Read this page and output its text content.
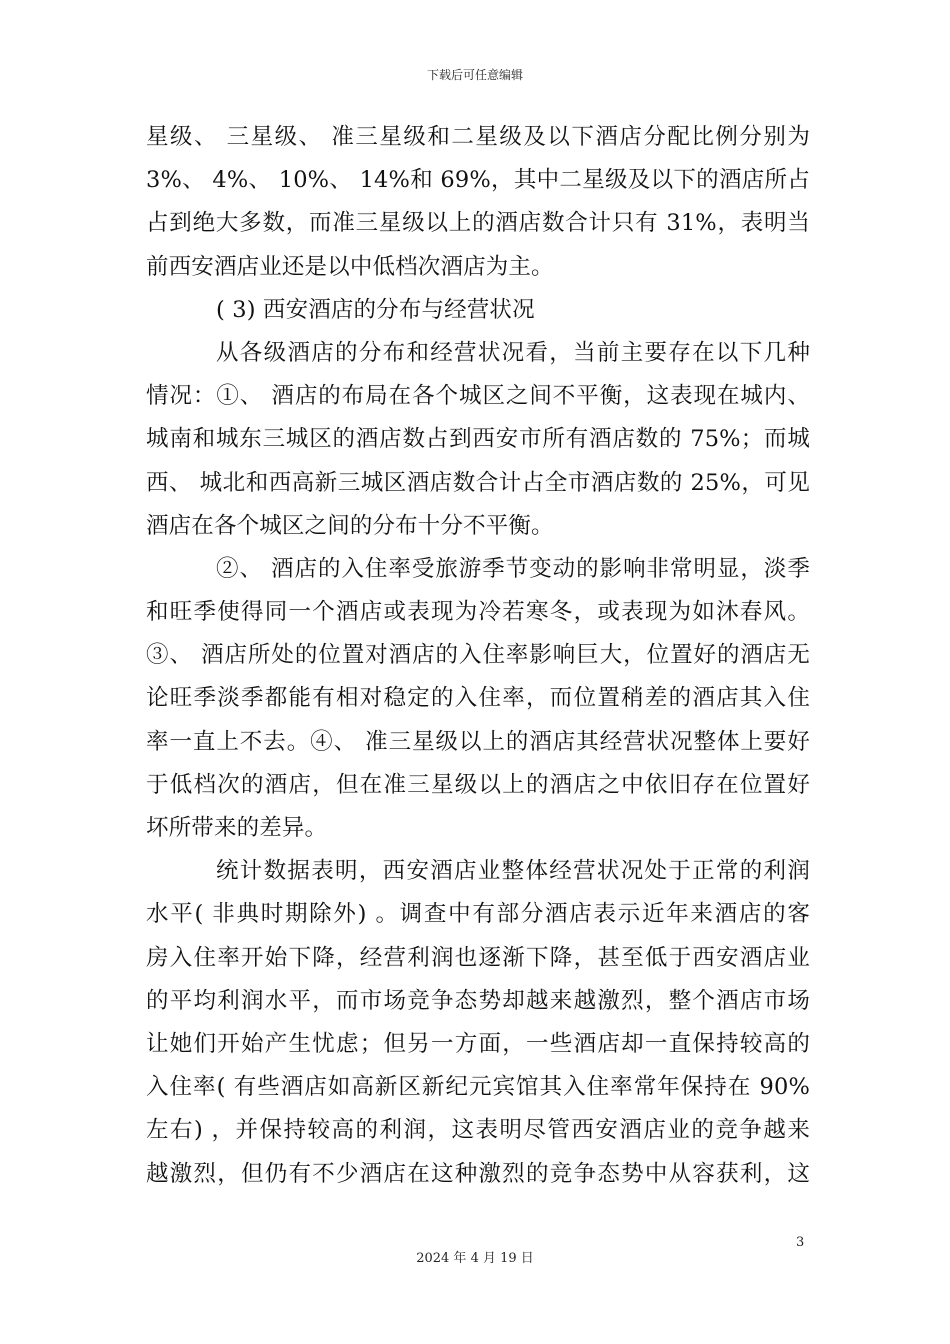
下载后可任意编辑
星级、 三星级、 准三星级和二星级及以下酒店分配比例分别为
3%、 4%、 10%、 14%和 69%，其中二星级及以下的酒店所占
占到绝大多数，而准三星级以上的酒店数合计只有 31%，表明当
前西安酒店业还是以中低档次酒店为主。
( 3) 西安酒店的分布与经营状况
从各级酒店的分布和经营状况看，当前主要存在以下几种
情况：①、 酒店的布局在各个城区之间不平衡，这表现在城内、
城南和城东三城区的酒店数占到西安市所有酒店数的 75%；而城
西、 城北和西高新三城区酒店数合计占全市酒店数的 25%，可见
酒店在各个城区之间的分布十分不平衡。
②、 酒店的入住率受旅游季节变动的影响非常明显，淡季
和旺季使得同一个酒店或表现为冷若寒冬，或表现为如沐春风。
③、 酒店所处的位置对酒店的入住率影响巨大，位置好的酒店无
论旺季淡季都能有相对稳定的入住率，而位置稍差的酒店其入住
率一直上不去。④、 准三星级以上的酒店其经营状况整体上要好
于低档次的酒店，但在准三星级以上的酒店之中依旧存在位置好
坏所带来的差异。
统计数据表明，西安酒店业整体经营状况处于正常的利润
水平( 非典时期除外) 。调查中有部分酒店表示近年来酒店的客
房入住率开始下降，经营利润也逐渐下降，甚至低于西安酒店业
的平均利润水平，而市场竞争态势却越来越激烈，整个酒店市场
让她们开始产生忧虑；但另一方面，一些酒店却一直保持较高的
入住率( 有些酒店如高新区新纪元宾馆其入住率常年保持在 90%
左右) ，并保持较高的利润，这表明尽管西安酒店业的竞争越来
越激烈，但仍有不少酒店在这种激烈的竞争态势中从容获利，这
3
2024 年 4 月 19 日
